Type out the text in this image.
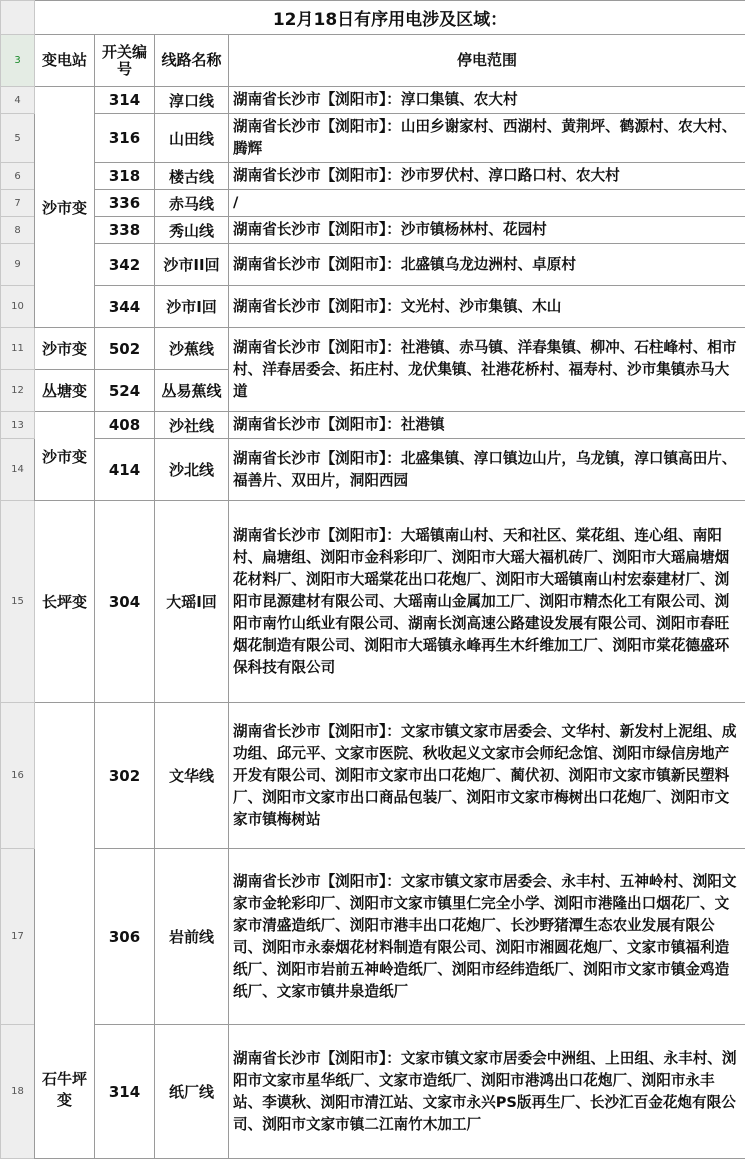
	12月18日有序用电涉及区域：			
3	变电站	开关编号	线路名称	停电范围
4	沙市变	314	淳口线	湖南省长沙市【浏阳市】：淳口集镇、农大村
5		316	山田线	湖南省长沙市【浏阳市】：山田乡谢家村、西湖村、黄荆坪、鹤源村、农大村、腾辉
6		318	楼古线	湖南省长沙市【浏阳市】：沙市罗伏村、淳口路口村、农大村
7		336	赤马线	/
8		338	秀山线	湖南省长沙市【浏阳市】：沙市镇杨林村、花园村
9		342	沙市II回	湖南省长沙市【浏阳市】：北盛镇乌龙边洲村、卓原村
10		344	沙市I回	湖南省长沙市【浏阳市】：文光村、沙市集镇、木山
11	沙市变	502	沙蕉线	湖南省长沙市【浏阳市】：社港镇、赤马镇、洋春集镇、柳冲、石柱峰村、相市村、洋春居委会、拓庄村、龙伏集镇、社港花桥村、福寿村、沙市集镇赤马大道
12	丛塘变	524	丛易蕉线	
13	沙市变	408	沙社线	湖南省长沙市【浏阳市】：社港镇
14		414	沙北线	湖南省长沙市【浏阳市】：北盛集镇、淳口镇边山片，乌龙镇，淳口镇高田片、福善片、双田片，洞阳西园
15	长坪变	304	大瑶I回	湖南省长沙市【浏阳市】：大瑶镇南山村、天和社区、棠花组、连心组、南阳村、扁塘组、浏阳市金科彩印厂、浏阳市大瑶大福机砖厂、浏阳市大瑶扁塘烟花材料厂、浏阳市大瑶棠花出口花炮厂、浏阳市大瑶镇南山村宏泰建材厂、浏阳市昆源建材有限公司、大瑶南山金属加工厂、浏阳市精杰化工有限公司、浏阳市南竹山纸业有限公司、湖南长浏高速公路建设发展有限公司、浏阳市春旺烟花制造有限公司、浏阳市大瑶镇永峰再生木纤维加工厂、浏阳市棠花德盛环保科技有限公司
16	石牛坪变	302	文华线	湖南省长沙市【浏阳市】：文家市镇文家市居委会、文华村、新发村上泥组、成功组、邱元平、文家市医院、秋收起义文家市会师纪念馆、浏阳市绿信房地产开发有限公司、浏阳市文家市出口花炮厂、蔺伏初、浏阳市文家市镇新民塑料厂、浏阳市文家市出口商品包装厂、浏阳市文家市梅树出口花炮厂、浏阳市文家市镇梅树站
17		306	岩前线	湖南省长沙市【浏阳市】：文家市镇文家市居委会、永丰村、五神岭村、浏阳文家市金轮彩印厂、浏阳市文家市镇里仁完全小学、浏阳市港隆出口烟花厂、文家市清盛造纸厂、浏阳市港丰出口花炮厂、长沙野猪潭生态农业发展有限公司、浏阳市永泰烟花材料制造有限公司、浏阳市湘圆花炮厂、文家市镇福利造纸厂、浏阳市岩前五神岭造纸厂、浏阳市经纬造纸厂、浏阳市文家市镇金鸡造纸厂、文家市镇井泉造纸厂
18		314	纸厂线	湖南省长沙市【浏阳市】：文家市镇文家市居委会中洲组、上田组、永丰村、浏阳市文家市星华纸厂、文家市造纸厂、浏阳市港鸿出口花炮厂、浏阳市永丰站、李谟秋、浏阳市清江站、文家市永兴PS版再生厂、长沙汇百金花炮有限公司、浏阳市文家市镇二江南竹木加工厂
